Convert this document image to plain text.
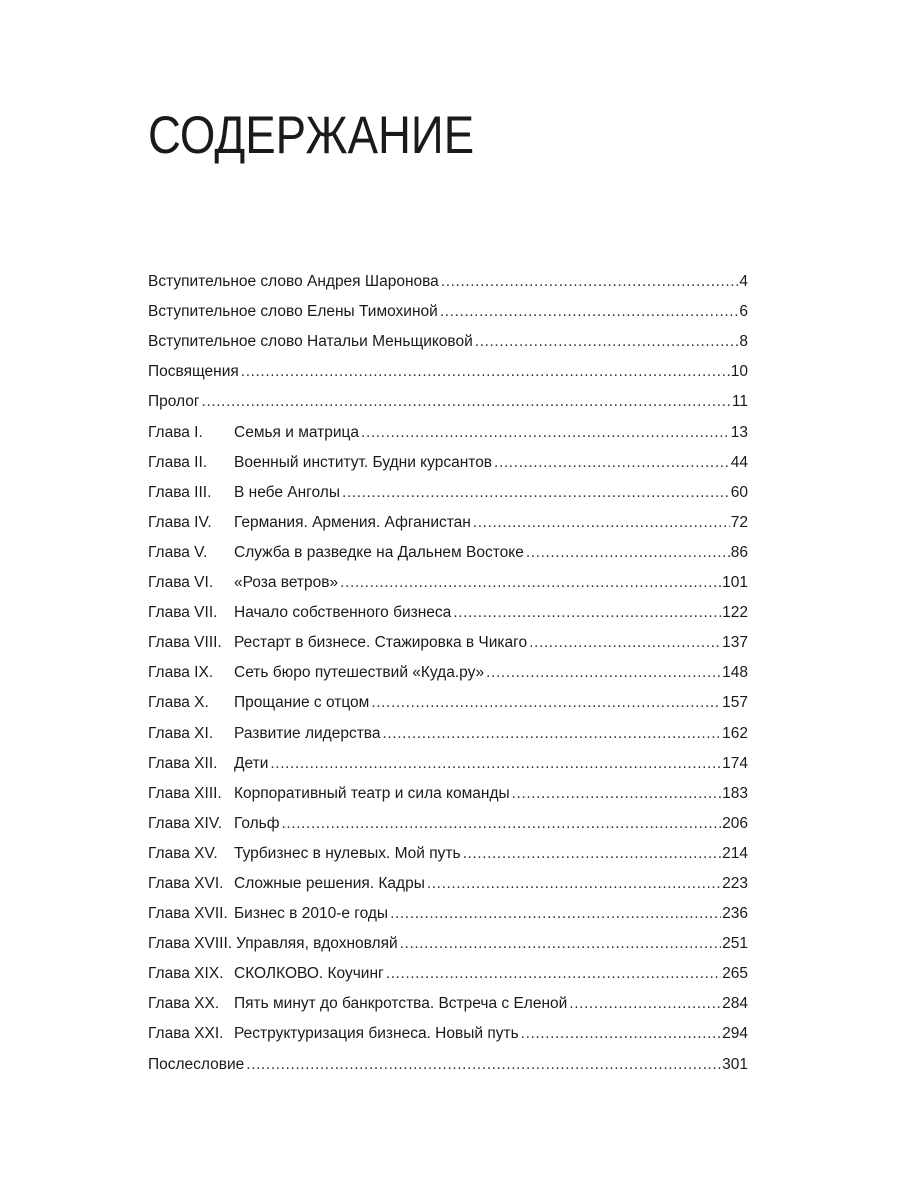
СОДЕРЖАНИЕ
Вступительное слово Андрея Шаронова .....	4
Вступительное слово Елены Тимохиной .....	6
Вступительное слово Натальи Меньщиковой .....	8
Посвящения .....	10
Пролог .....	11
Глава I.	Семья и матрица .....	13
Глава II.	Военный институт. Будни курсантов .....	44
Глава III.	В небе Анголы .....	60
Глава IV.	Германия. Армения. Афганистан .....	72
Глава V.	Служба в разведке на Дальнем Востоке .....	86
Глава VI.	«Роза ветров» .....	101
Глава VII.	Начало собственного бизнеса .....	122
Глава VIII. Рестарт в бизнесе. Стажировка в Чикаго .....	137
Глава IX.	Сеть бюро путешествий «Куда.ру» .....	148
Глава X.	Прощание с отцом .....	157
Глава XI.	Развитие лидерства .....	162
Глава XII.	Дети .....	174
Глава XIII. Корпоративный театр и сила команды .....	183
Глава XIV. Гольф .....	206
Глава XV.	Турбизнес в нулевых. Мой путь .....	214
Глава XVI. Сложные решения. Кадры .....	223
Глава XVII. Бизнес в 2010-е годы .....	236
Глава XVIII. Управляя, вдохновляй .....	251
Глава XIX. СКОЛКОВО. Коучинг .....	265
Глава XX. Пять минут до банкротства. Встреча с Еленой .....	284
Глава XXI. Реструктуризация бизнеса. Новый путь .....	294
Послесловие .....	301
